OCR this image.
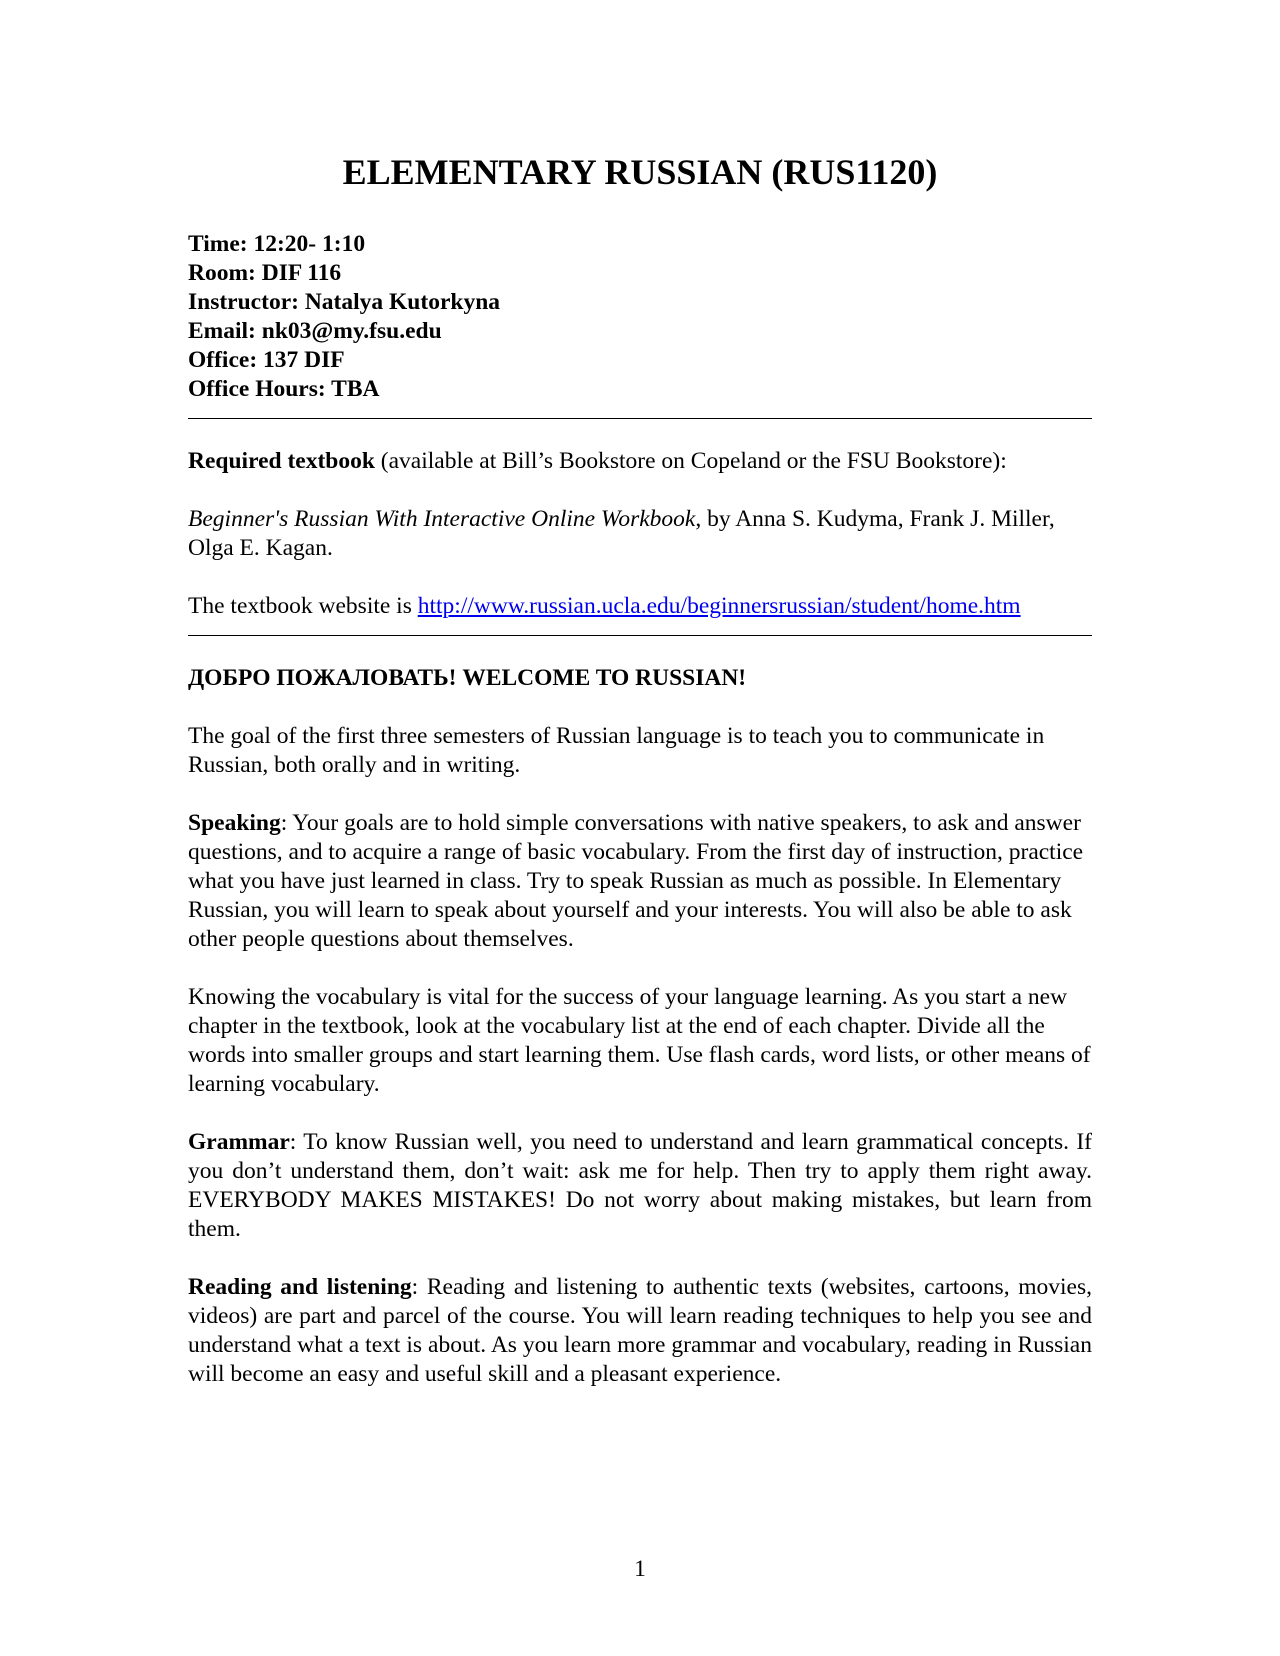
ELEMENTARY RUSSIAN (RUS1120)
Time: 12:20- 1:10
Room: DIF 116
Instructor: Natalya Kutorkyna
Email: nk03@my.fsu.edu
Office: 137 DIF
Office Hours: TBA

Required textbook (available at Bill’s Bookstore on Copeland or the FSU Bookstore):

Beginner's Russian With Interactive Online Workbook, by Anna S. Kudyma, Frank J. Miller, Olga E. Kagan.

The textbook website is http://www.russian.ucla.edu/beginnersrussian/student/home.htm

ДОБРО ПОЖАЛОВАТЬ! WELCOME TO RUSSIAN!

The goal of the first three semesters of Russian language is to teach you to communicate in Russian, both orally and in writing.

Speaking: Your goals are to hold simple conversations with native speakers, to ask and answer questions, and to acquire a range of basic vocabulary. From the first day of instruction, practice what you have just learned in class. Try to speak Russian as much as possible. In Elementary Russian, you will learn to speak about yourself and your interests. You will also be able to ask other people questions about themselves.

Knowing the vocabulary is vital for the success of your language learning. As you start a new chapter in the textbook, look at the vocabulary list at the end of each chapter. Divide all the words into smaller groups and start learning them. Use flash cards, word lists, or other means of learning vocabulary.

Grammar: To know Russian well, you need to understand and learn grammatical concepts. If you don’t understand them, don’t wait: ask me for help. Then try to apply them right away. EVERYBODY MAKES MISTAKES! Do not worry about making mistakes, but learn from them.

Reading and listening: Reading and listening to authentic texts (websites, cartoons, movies, videos) are part and parcel of the course. You will learn reading techniques to help you see and understand what a text is about. As you learn more grammar and vocabulary, reading in Russian will become an easy and useful skill and a pleasant experience.

1
